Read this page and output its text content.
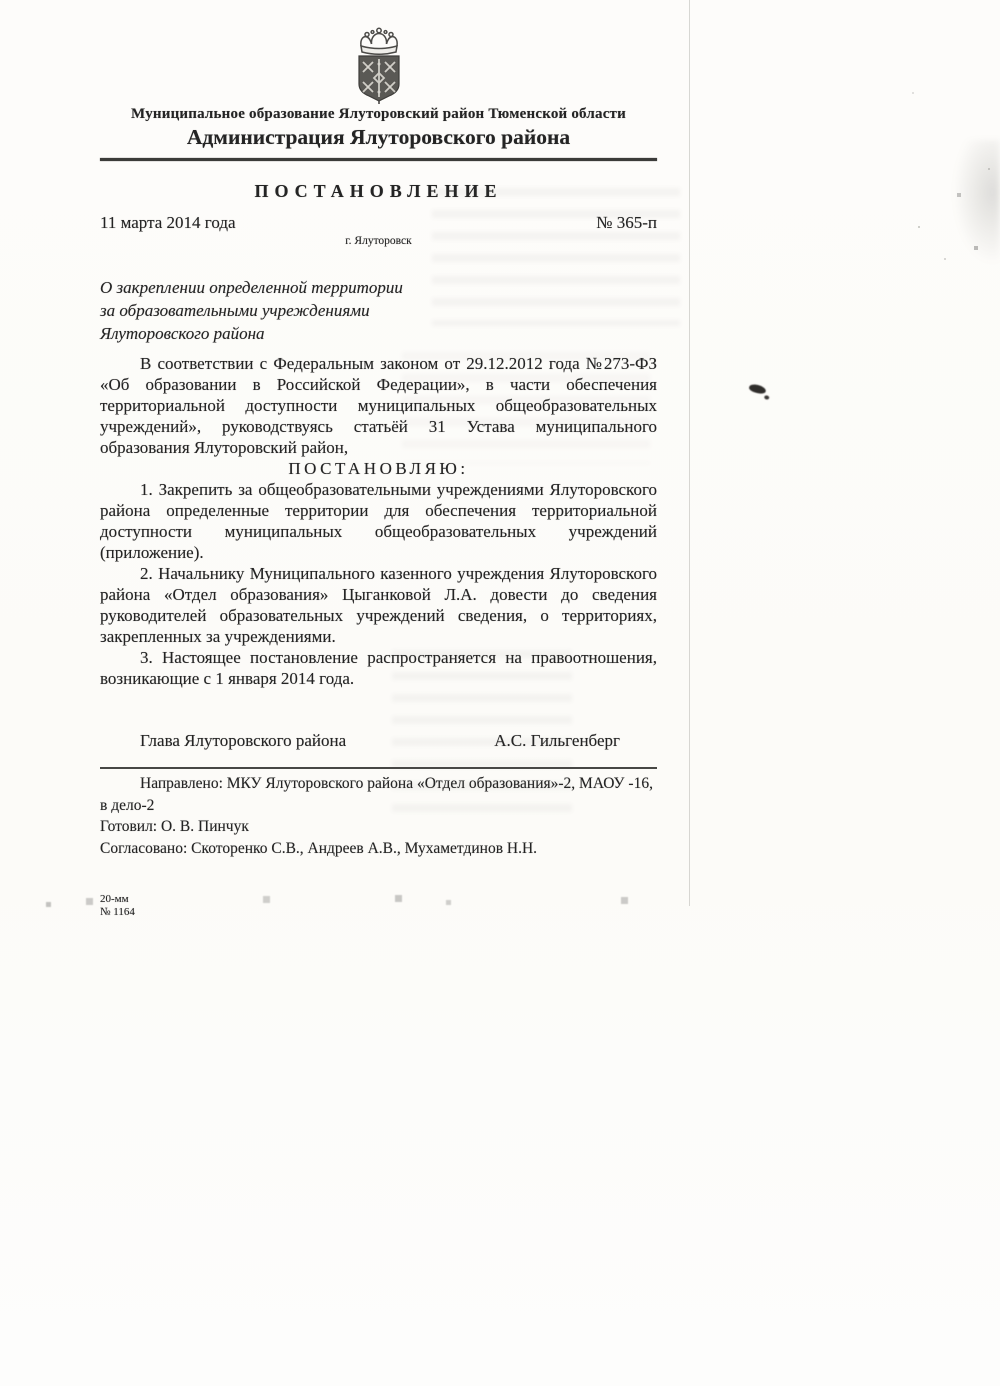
Муниципальное образование Ялуторовский район Тюменской области
Администрация Ялуторовского района
ПОСТАНОВЛЕНИЕ
11 марта 2014 года	№ 365-п
г. Ялуторовск
О закреплении определенной территории
за образовательными учреждениями
Ялуторовского района

В соответствии с Федеральным законом от 29.12.2012 года №273-ФЗ «Об образовании в Российской Федерации», в части обеспечения территориальной доступности муниципальных общеобразовательных учреждений», руководствуясь статьёй 31 Устава муниципального образования Ялуторовский район,

ПОСТАНОВЛЯЮ:

1. Закрепить за общеобразовательными учреждениями Ялуторовского района определенные территории для обеспечения территориальной доступности муниципальных общеобразовательных учреждений (приложение).

2. Начальнику Муниципального казенного учреждения Ялуторовского района «Отдел образования» Цыганковой Л.А. довести до сведения руководителей образовательных учреждений сведения, о территориях, закрепленных за учреждениями.

3. Настоящее постановление распространяется на правоотношения, возникающие с 1 января 2014 года.

Глава Ялуторовского района	А.С. Гильгенберг
Направлено: МКУ Ялуторовского района «Отдел образования»-2, МАОУ -16, в дело-2
Готовил: О. В. Пинчук
Согласовано: Скоторенко С.В., Андреев А.В., Мухаметдинов Н.Н.
20-мм
№ 1164
